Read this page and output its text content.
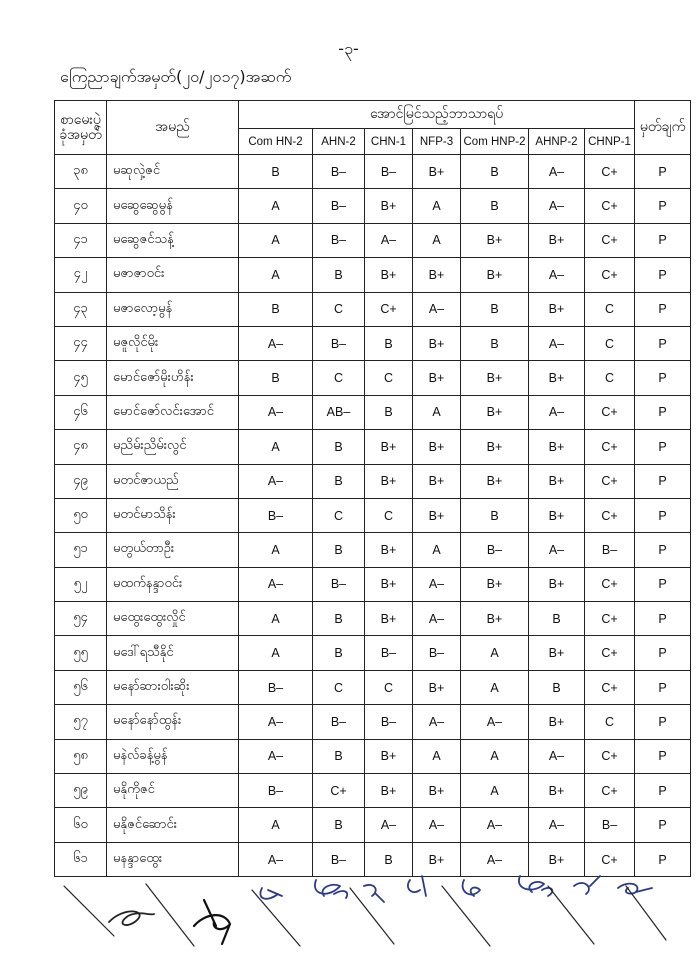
-၃-
ကြေညာချက်အမှတ်(၂၀/၂၀၁၇)အဆက်
စာမေးပွဲ ခုံအမှတ်	အမည်	အောင်မြင်သည့်ဘာသာရပ်							မှတ်ချက်
		Com HN-2	AHN-2	CHN-1	NFP-3	Com HNP-2	AHNP-2	CHNP-1	
၃၈	မဆုလှဲ့ဇင်	B	B–	B–	B+	B	A–	C+	P
၄၀	မဆွေဆွေမွန်	A	B–	B+	A	B	A–	C+	P
၄၁	မဆွေဇင်သန့်	A	B–	A–	A	B+	B+	C+	P
၄၂	မဇာဇာဝင်း	A	B	B+	B+	B+	A–	C+	P
၄၃	မဇာလော့မွန်	B	C	C+	A–	B	B+	C	P
၄၄	မဇူလိုင်မိုး	A–	B–	B	B+	B	A–	C	P
၄၅	မောင်ဇော်မိုးဟိန်း	B	C	C	B+	B+	B+	C	P
၄၆	မောင်ဇော်လင်းအောင်	A–	AB–	B	A	B+	A–	C+	P
၄၈	မညိမ်းညိမ်းလွင်	A	B	B+	B+	B+	B+	C+	P
၄၉	မတင်ဇာယည်	A–	B	B+	B+	B+	B+	C+	P
၅၀	မတင်မာသိန်း	B–	C	C	B+	B	B+	C+	P
၅၁	မတွယ်တာဦး	A	B	B+	A	B–	A–	B–	P
၅၂	မထက်နန္ဒာဝင်း	A–	B–	B+	A–	B+	B+	C+	P
၅၄	မထွေးထွေးလှိုင်	A	B	B+	A–	B+	B	C+	P
၅၅	မဒေါ်ရသီနိုင်	A	B	B–	B–	A	B+	C+	P
၅၆	မနော်ဆားဝါးဆိုး	B–	C	C	B+	A	B	C+	P
၅၇	မနော်နော်ထွန်း	A–	B–	B–	A–	A–	B+	C	P
၅၈	မနဲလ်ခန့်မွန်	A–	B	B+	A	A	A–	C+	P
၅၉	မနိုကိုဇင်	B–	C+	B+	B+	A	B+	C+	P
၆၀	မနိုဇင်ဆောင်း	A	B	A–	A–	A–	A–	B–	P
၆၁	မနန္ဒာထွေး	A–	B–	B	B+	A–	B+	C+	P
